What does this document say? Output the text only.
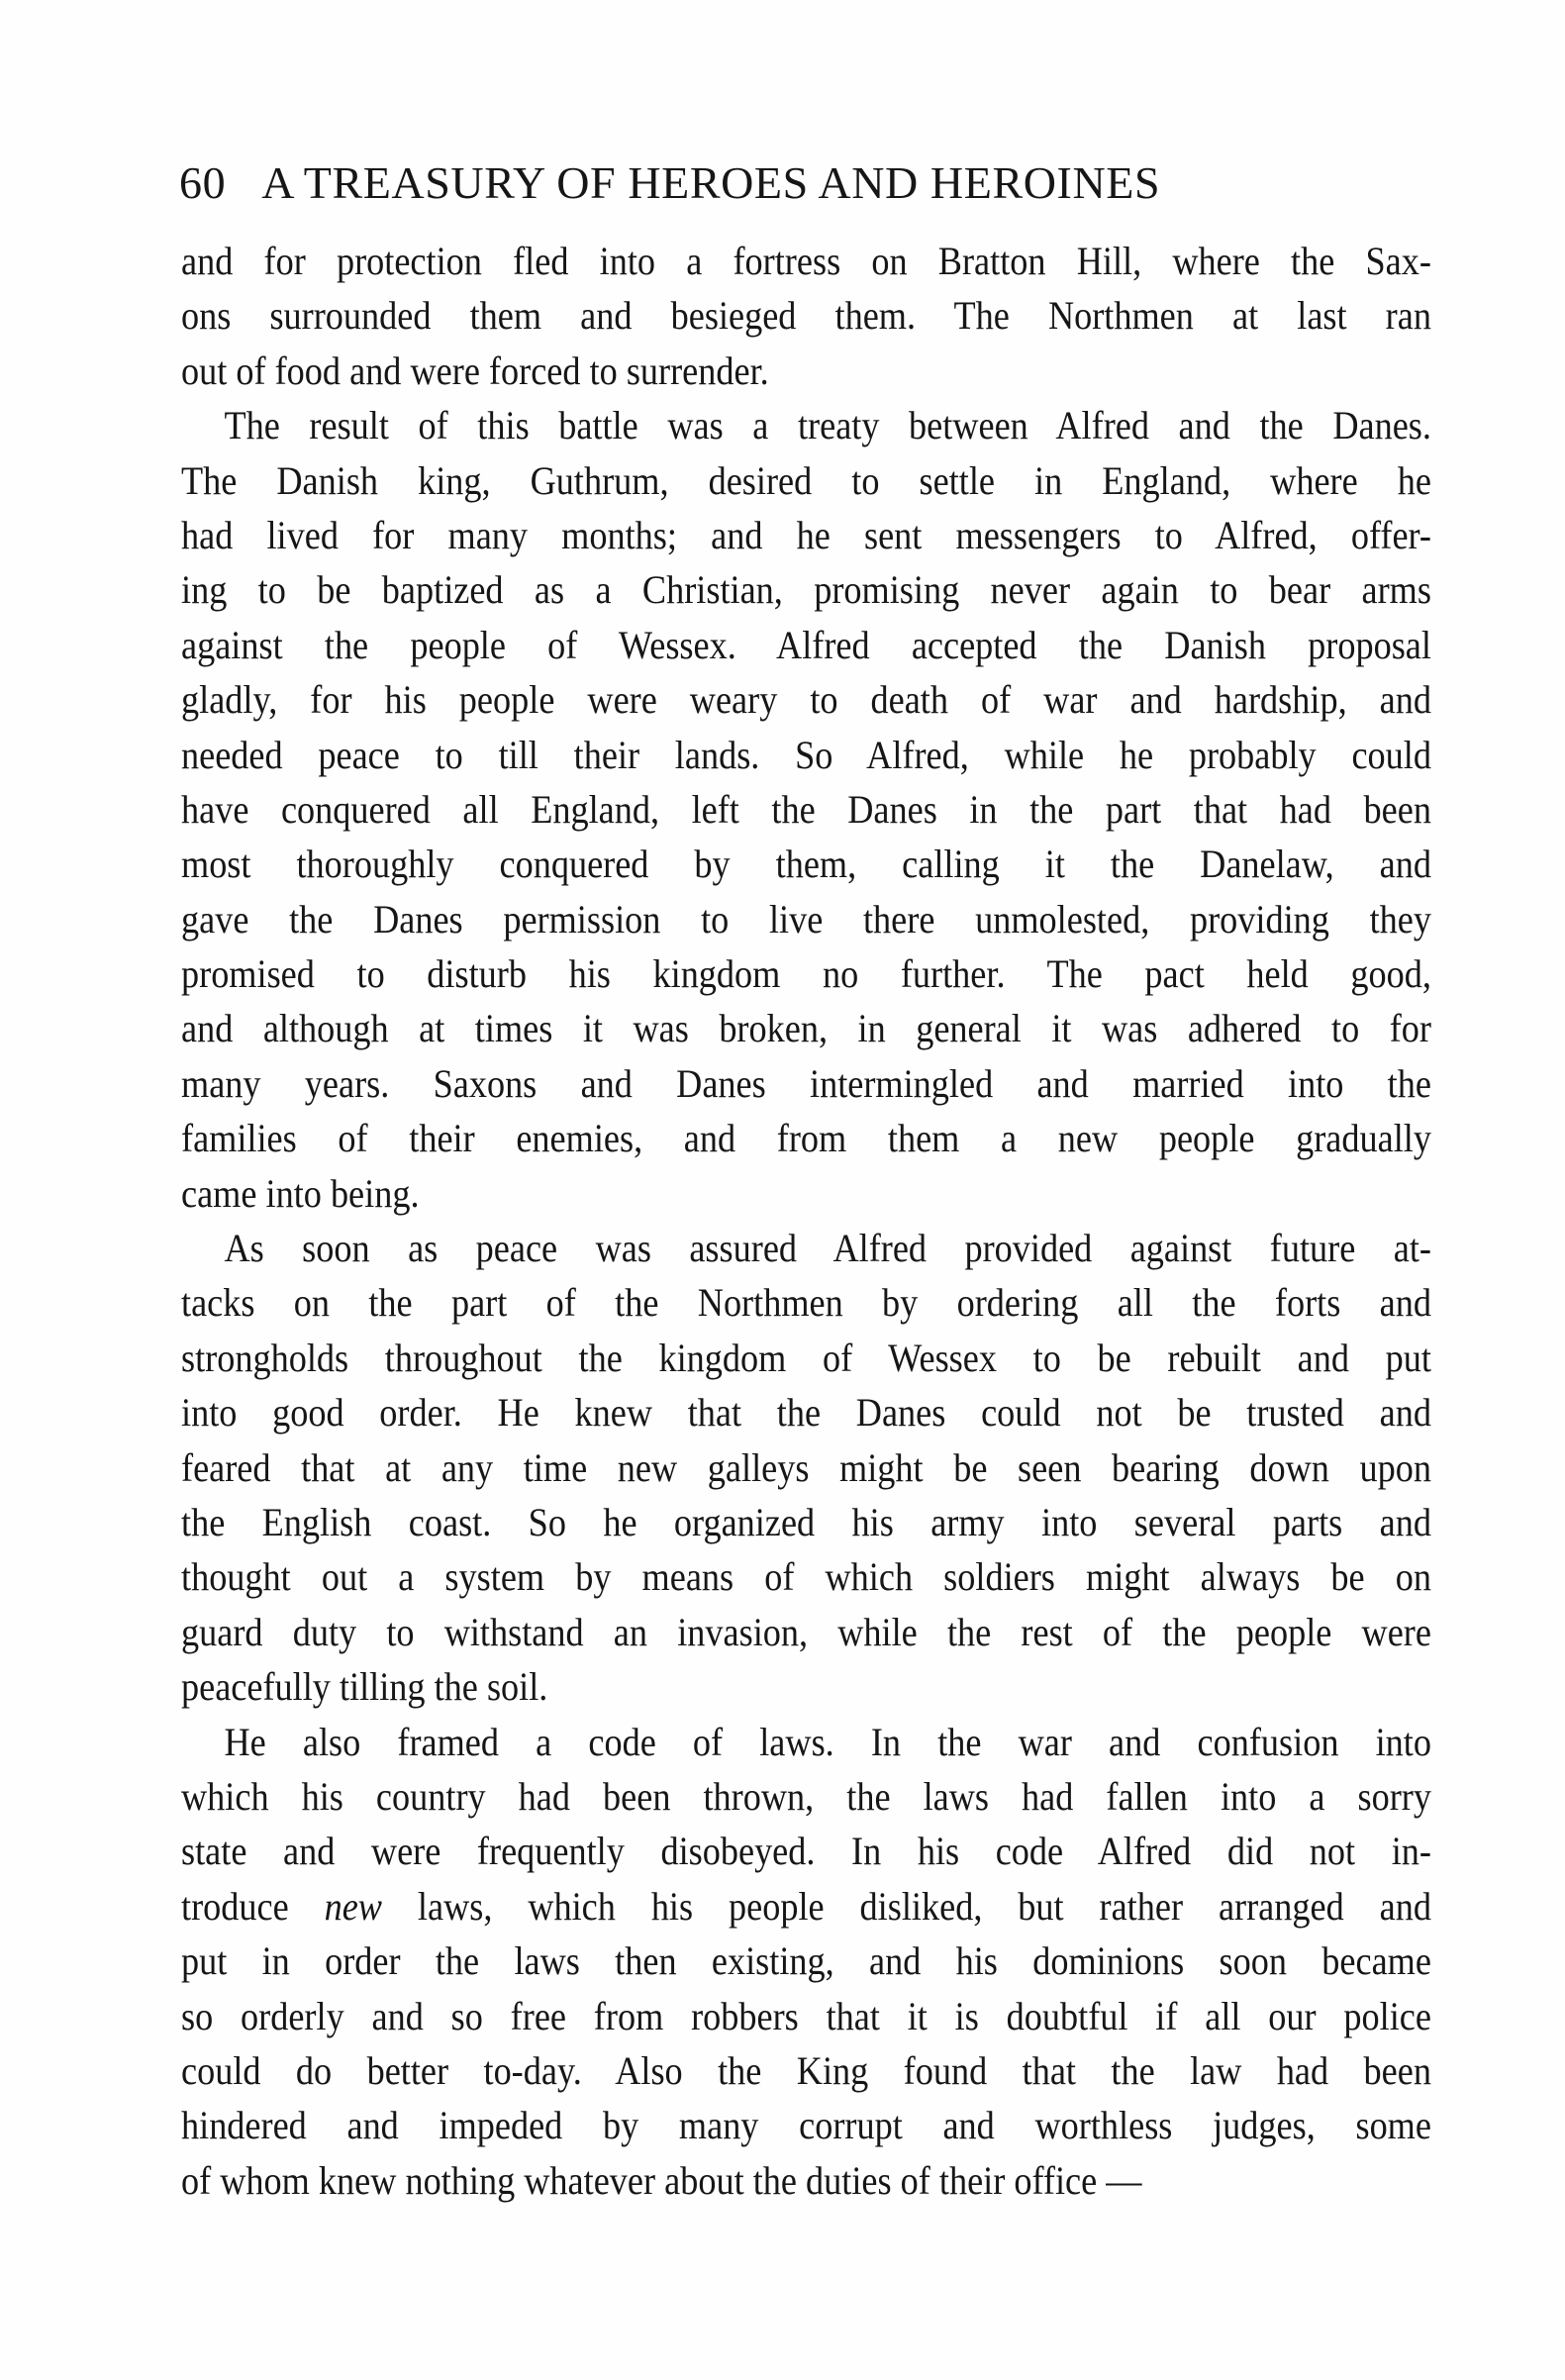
60 A TREASURY OF HEROES AND HEROINES
and for protection fled into a fortress on Bratton Hill, where the Sax-
ons surrounded them and besieged them. The Northmen at last ran
out of food and were forced to surrender.
The result of this battle was a treaty between Alfred and the Danes.
The Danish king, Guthrum, desired to settle in England, where he
had lived for many months; and he sent messengers to Alfred, offer-
ing to be baptized as a Christian, promising never again to bear arms
against the people of Wessex. Alfred accepted the Danish proposal
gladly, for his people were weary to death of war and hardship, and
needed peace to till their lands. So Alfred, while he probably could
have conquered all England, left the Danes in the part that had been
most thoroughly conquered by them, calling it the Danelaw, and
gave the Danes permission to live there unmolested, providing they
promised to disturb his kingdom no further. The pact held good,
and although at times it was broken, in general it was adhered to for
many years. Saxons and Danes intermingled and married into the
families of their enemies, and from them a new people gradually
came into being.
As soon as peace was assured Alfred provided against future at-
tacks on the part of the Northmen by ordering all the forts and
strongholds throughout the kingdom of Wessex to be rebuilt and put
into good order. He knew that the Danes could not be trusted and
feared that at any time new galleys might be seen bearing down upon
the English coast. So he organized his army into several parts and
thought out a system by means of which soldiers might always be on
guard duty to withstand an invasion, while the rest of the people were
peacefully tilling the soil.
He also framed a code of laws. In the war and confusion into
which his country had been thrown, the laws had fallen into a sorry
state and were frequently disobeyed. In his code Alfred did not in-
troduce new laws, which his people disliked, but rather arranged and
put in order the laws then existing, and his dominions soon became
so orderly and so free from robbers that it is doubtful if all our police
could do better to-day. Also the King found that the law had been
hindered and impeded by many corrupt and worthless judges, some
of whom knew nothing whatever about the duties of their office —
